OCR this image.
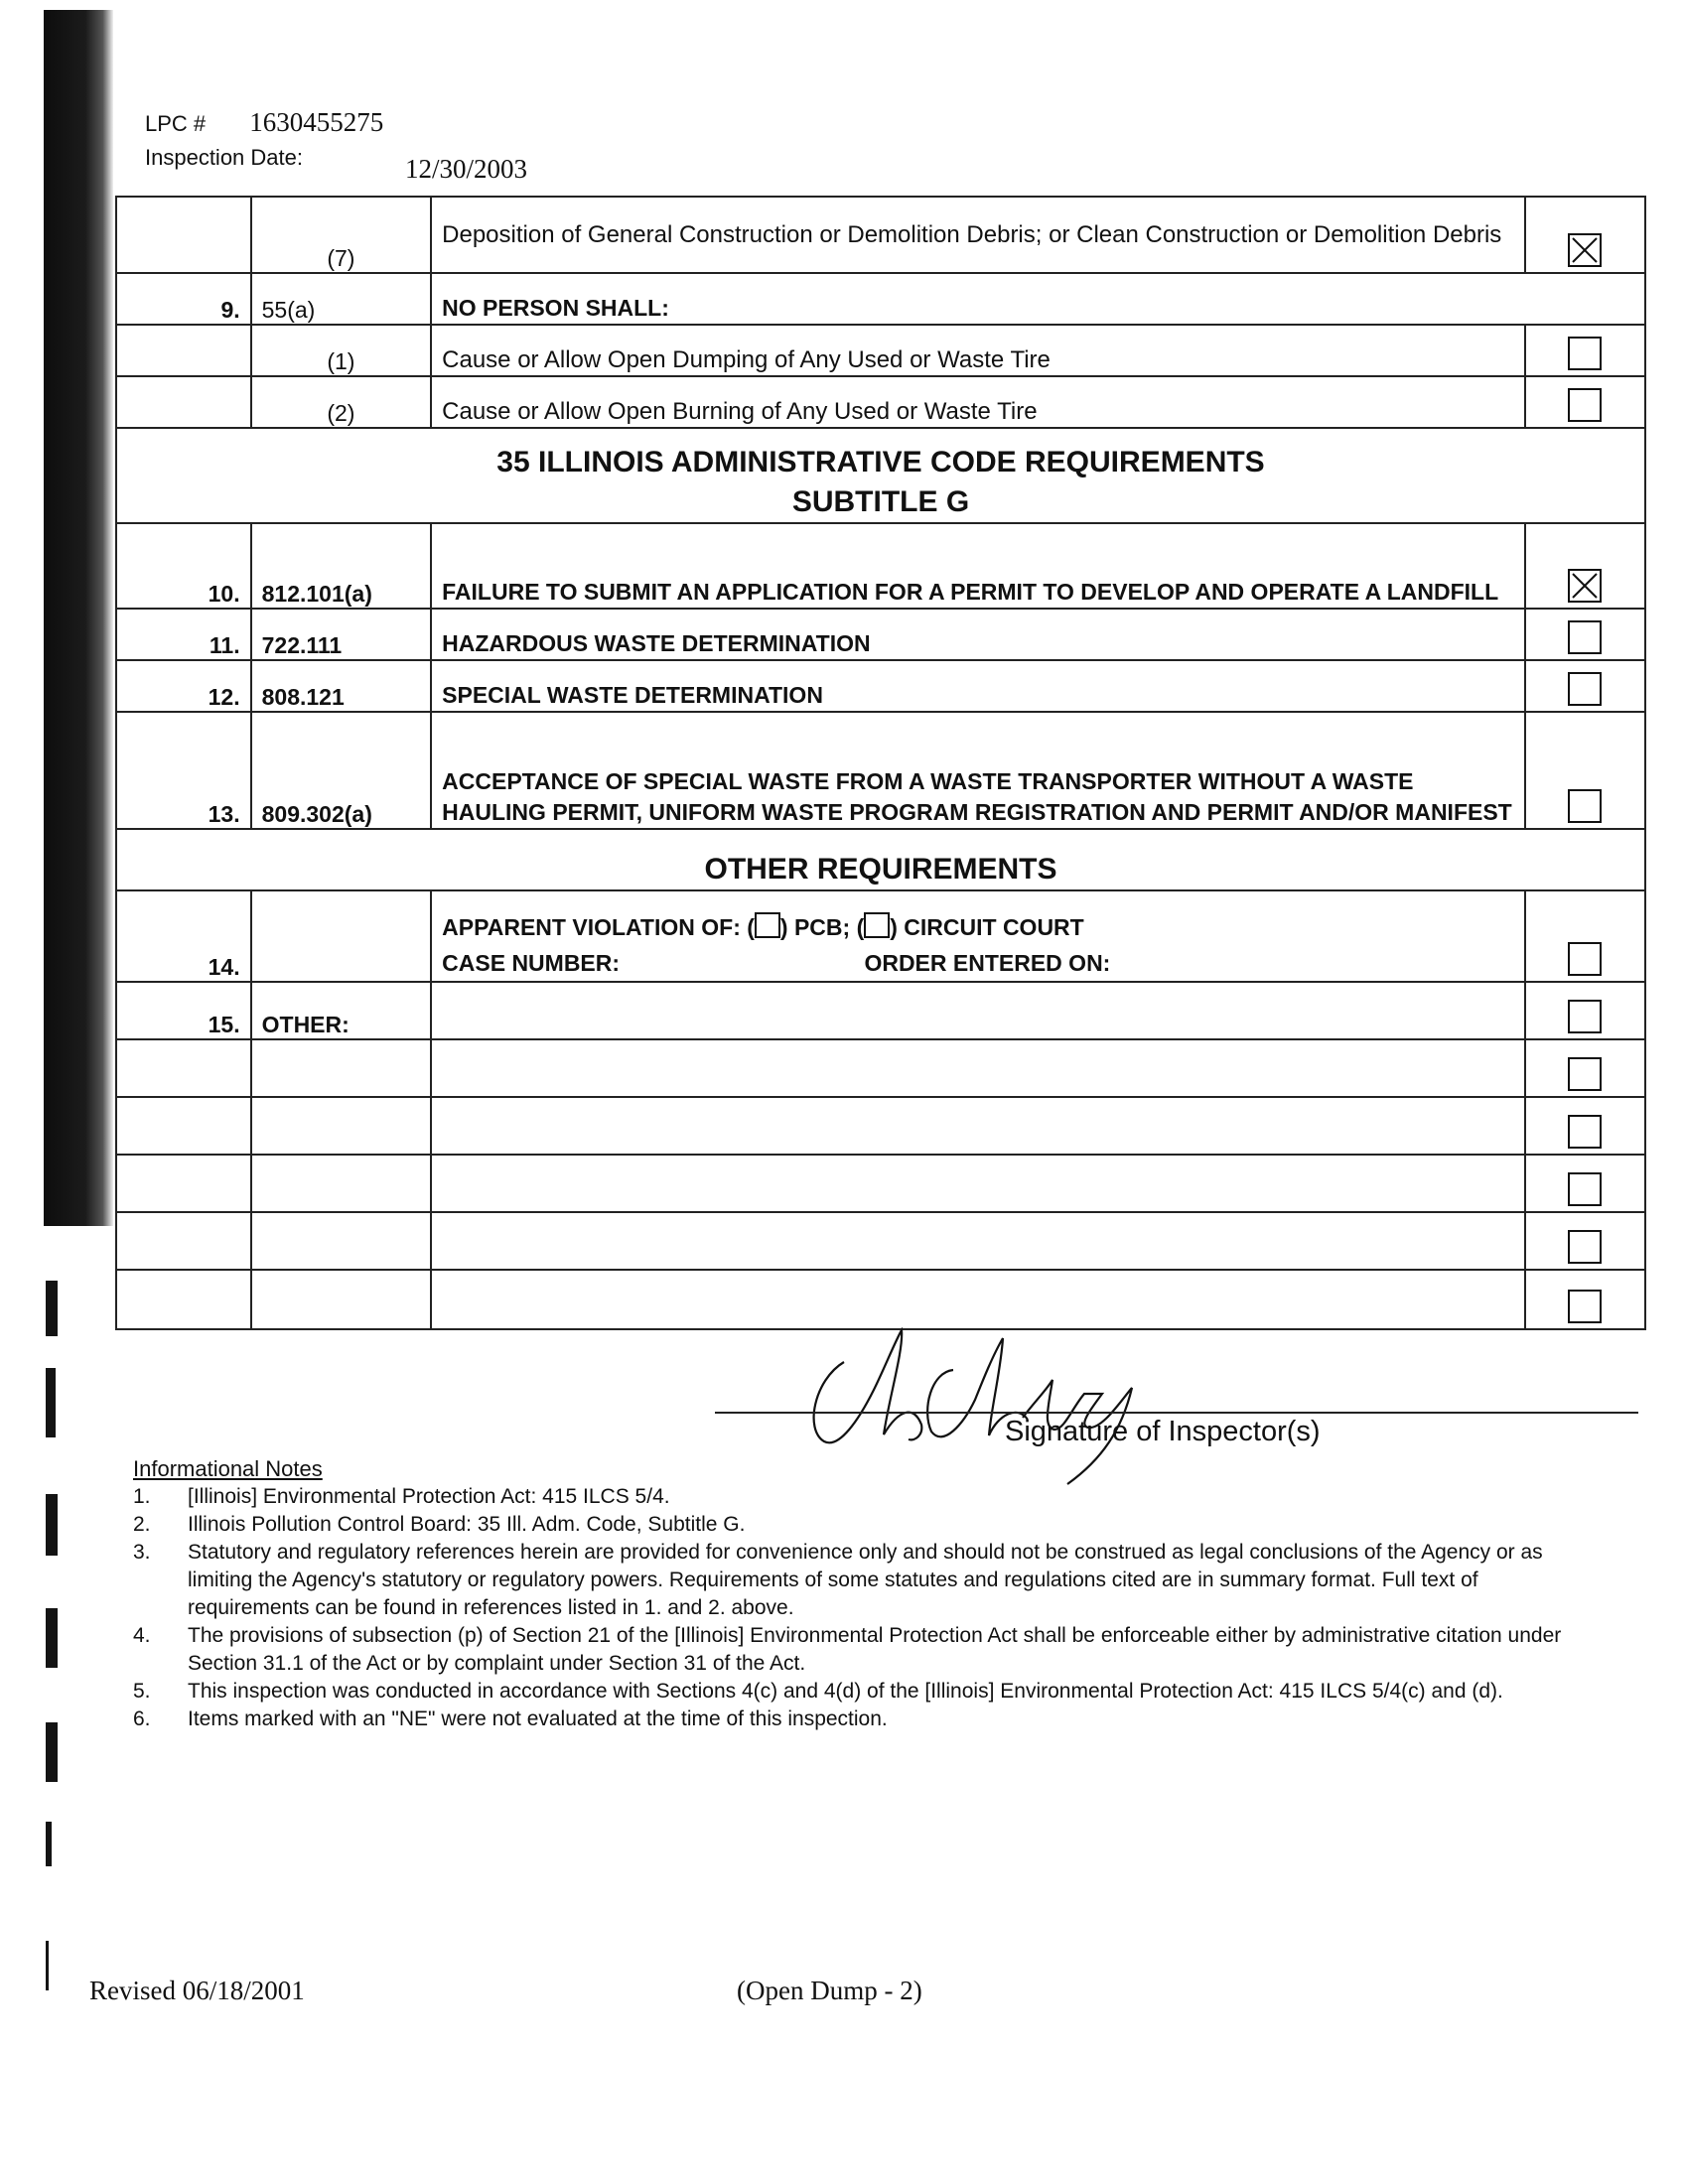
LPC # 1630455275
Inspection Date:	12/30/2003
	(7)	Deposition of General Construction or Demolition Debris; or Clean Construction or Demolition Debris	

9.	55(a)	NO PERSON SHALL:	
	(1)	Cause or Allow Open Dumping of Any Used or Waste Tire	
	(2)	Cause or Allow Open Burning of Any Used or Waste Tire	

35 ILLINOIS ADMINISTRATIVE CODE REQUIREMENTS
SUBTITLE G			

10.	812.101(a)	FAILURE TO SUBMIT AN APPLICATION FOR A PERMIT TO DEVELOP AND OPERATE A LANDFILL	

11.	722.111	HAZARDOUS WASTE DETERMINATION	
12.	808.121	SPECIAL WASTE DETERMINATION	
13.	809.302(a)	ACCEPTANCE OF SPECIAL WASTE FROM A WASTE TRANSPORTER WITHOUT A WASTE HAULING PERMIT, UNIFORM WASTE PROGRAM REGISTRATION AND PERMIT AND/OR MANIFEST	
OTHER REQUIREMENTS			
14.		APPARENT VIOLATION OF: ( ) PCB; ( ) CIRCUIT COURT
CASE NUMBER: ORDER ENTERED ON:	

15.	OTHER:		

Signature of Inspector(s)
Informational Notes
1. [Illinois] Environmental Protection Act: 415 ILCS 5/4.
2. Illinois Pollution Control Board: 35 Ill. Adm. Code, Subtitle G.
3. Statutory and regulatory references herein are provided for convenience only and should not be construed as legal conclusions of the Agency or as limiting the Agency's statutory or regulatory powers. Requirements of some statutes and regulations cited are in summary format. Full text of requirements can be found in references listed in 1. and 2. above.
4. The provisions of subsection (p) of Section 21 of the [Illinois] Environmental Protection Act shall be enforceable either by administrative citation under Section 31.1 of the Act or by complaint under Section 31 of the Act.
5. This inspection was conducted in accordance with Sections 4(c) and 4(d) of the [Illinois] Environmental Protection Act: 415 ILCS 5/4(c) and (d).
6. Items marked with an "NE" were not evaluated at the time of this inspection.
Revised 06/18/2001	(Open Dump - 2)
